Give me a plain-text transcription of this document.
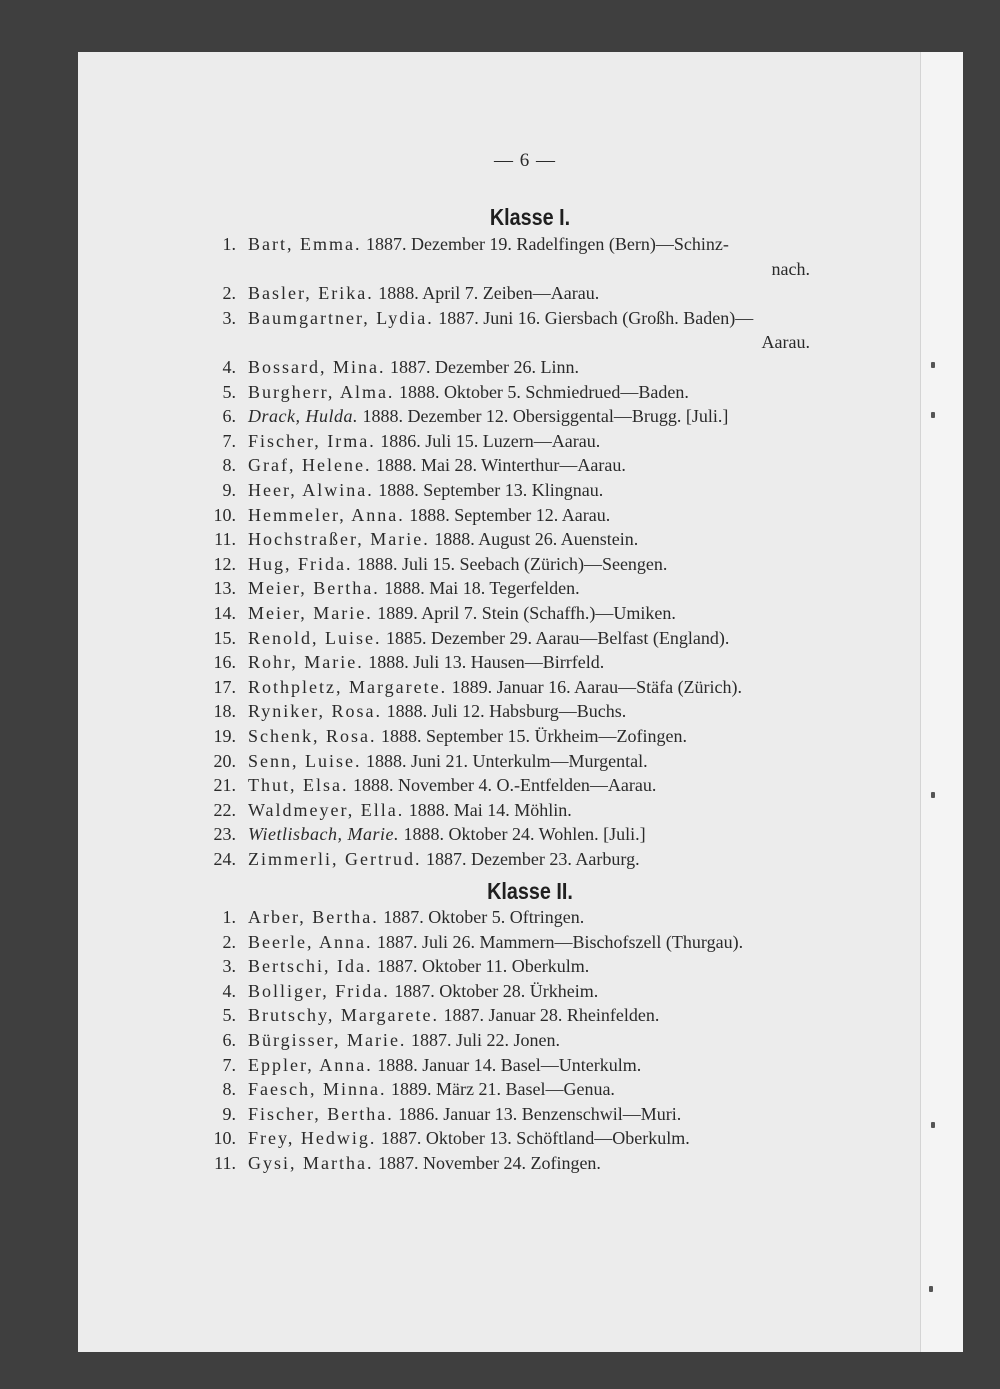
— 6 —
Klasse I.
1. Bart, Emma. 1887. Dezember 19. Radelfingen (Bern)—Schinz-
nach.
2. Basler, Erika. 1888. April 7. Zeiben—Aarau.
3. Baumgartner, Lydia. 1887. Juni 16. Giersbach (Großh. Baden)—
Aarau.
4. Bossard, Mina. 1887. Dezember 26. Linn.
5. Burgherr, Alma. 1888. Oktober 5. Schmiedrued—Baden.
6. Drack, Hulda. 1888. Dezember 12. Obersiggental—Brugg. [Juli.]
7. Fischer, Irma. 1886. Juli 15. Luzern—Aarau.
8. Graf, Helene. 1888. Mai 28. Winterthur—Aarau.
9. Heer, Alwina. 1888. September 13. Klingnau.
10. Hemmeler, Anna. 1888. September 12. Aarau.
11. Hochstraßer, Marie. 1888. August 26. Auenstein.
12. Hug, Frida. 1888. Juli 15. Seebach (Zürich)—Seengen.
13. Meier, Bertha. 1888. Mai 18. Tegerfelden.
14. Meier, Marie. 1889. April 7. Stein (Schaffh.)—Umiken.
15. Renold, Luise. 1885. Dezember 29. Aarau—Belfast (England).
16. Rohr, Marie. 1888. Juli 13. Hausen—Birrfeld.
17. Rothpletz, Margarete. 1889. Januar 16. Aarau—Stäfa (Zürich).
18. Ryniker, Rosa. 1888. Juli 12. Habsburg—Buchs.
19. Schenk, Rosa. 1888. September 15. Ürkheim—Zofingen.
20. Senn, Luise. 1888. Juni 21. Unterkulm—Murgental.
21. Thut, Elsa. 1888. November 4. O.-Entfelden—Aarau.
22. Waldmeyer, Ella. 1888. Mai 14. Möhlin.
23. Wietlisbach, Marie. 1888. Oktober 24. Wohlen. [Juli.]
24. Zimmerli, Gertrud. 1887. Dezember 23. Aarburg.
Klasse II.
1. Arber, Bertha. 1887. Oktober 5. Oftringen.
2. Beerle, Anna. 1887. Juli 26. Mammern—Bischofszell (Thurgau).
3. Bertschi, Ida. 1887. Oktober 11. Oberkulm.
4. Bolliger, Frida. 1887. Oktober 28. Ürkheim.
5. Brutschy, Margarete. 1887. Januar 28. Rheinfelden.
6. Bürgisser, Marie. 1887. Juli 22. Jonen.
7. Eppler, Anna. 1888. Januar 14. Basel—Unterkulm.
8. Faesch, Minna. 1889. März 21. Basel—Genua.
9. Fischer, Bertha. 1886. Januar 13. Benzenschwil—Muri.
10. Frey, Hedwig. 1887. Oktober 13. Schöftland—Oberkulm.
11. Gysi, Martha. 1887. November 24. Zofingen.
